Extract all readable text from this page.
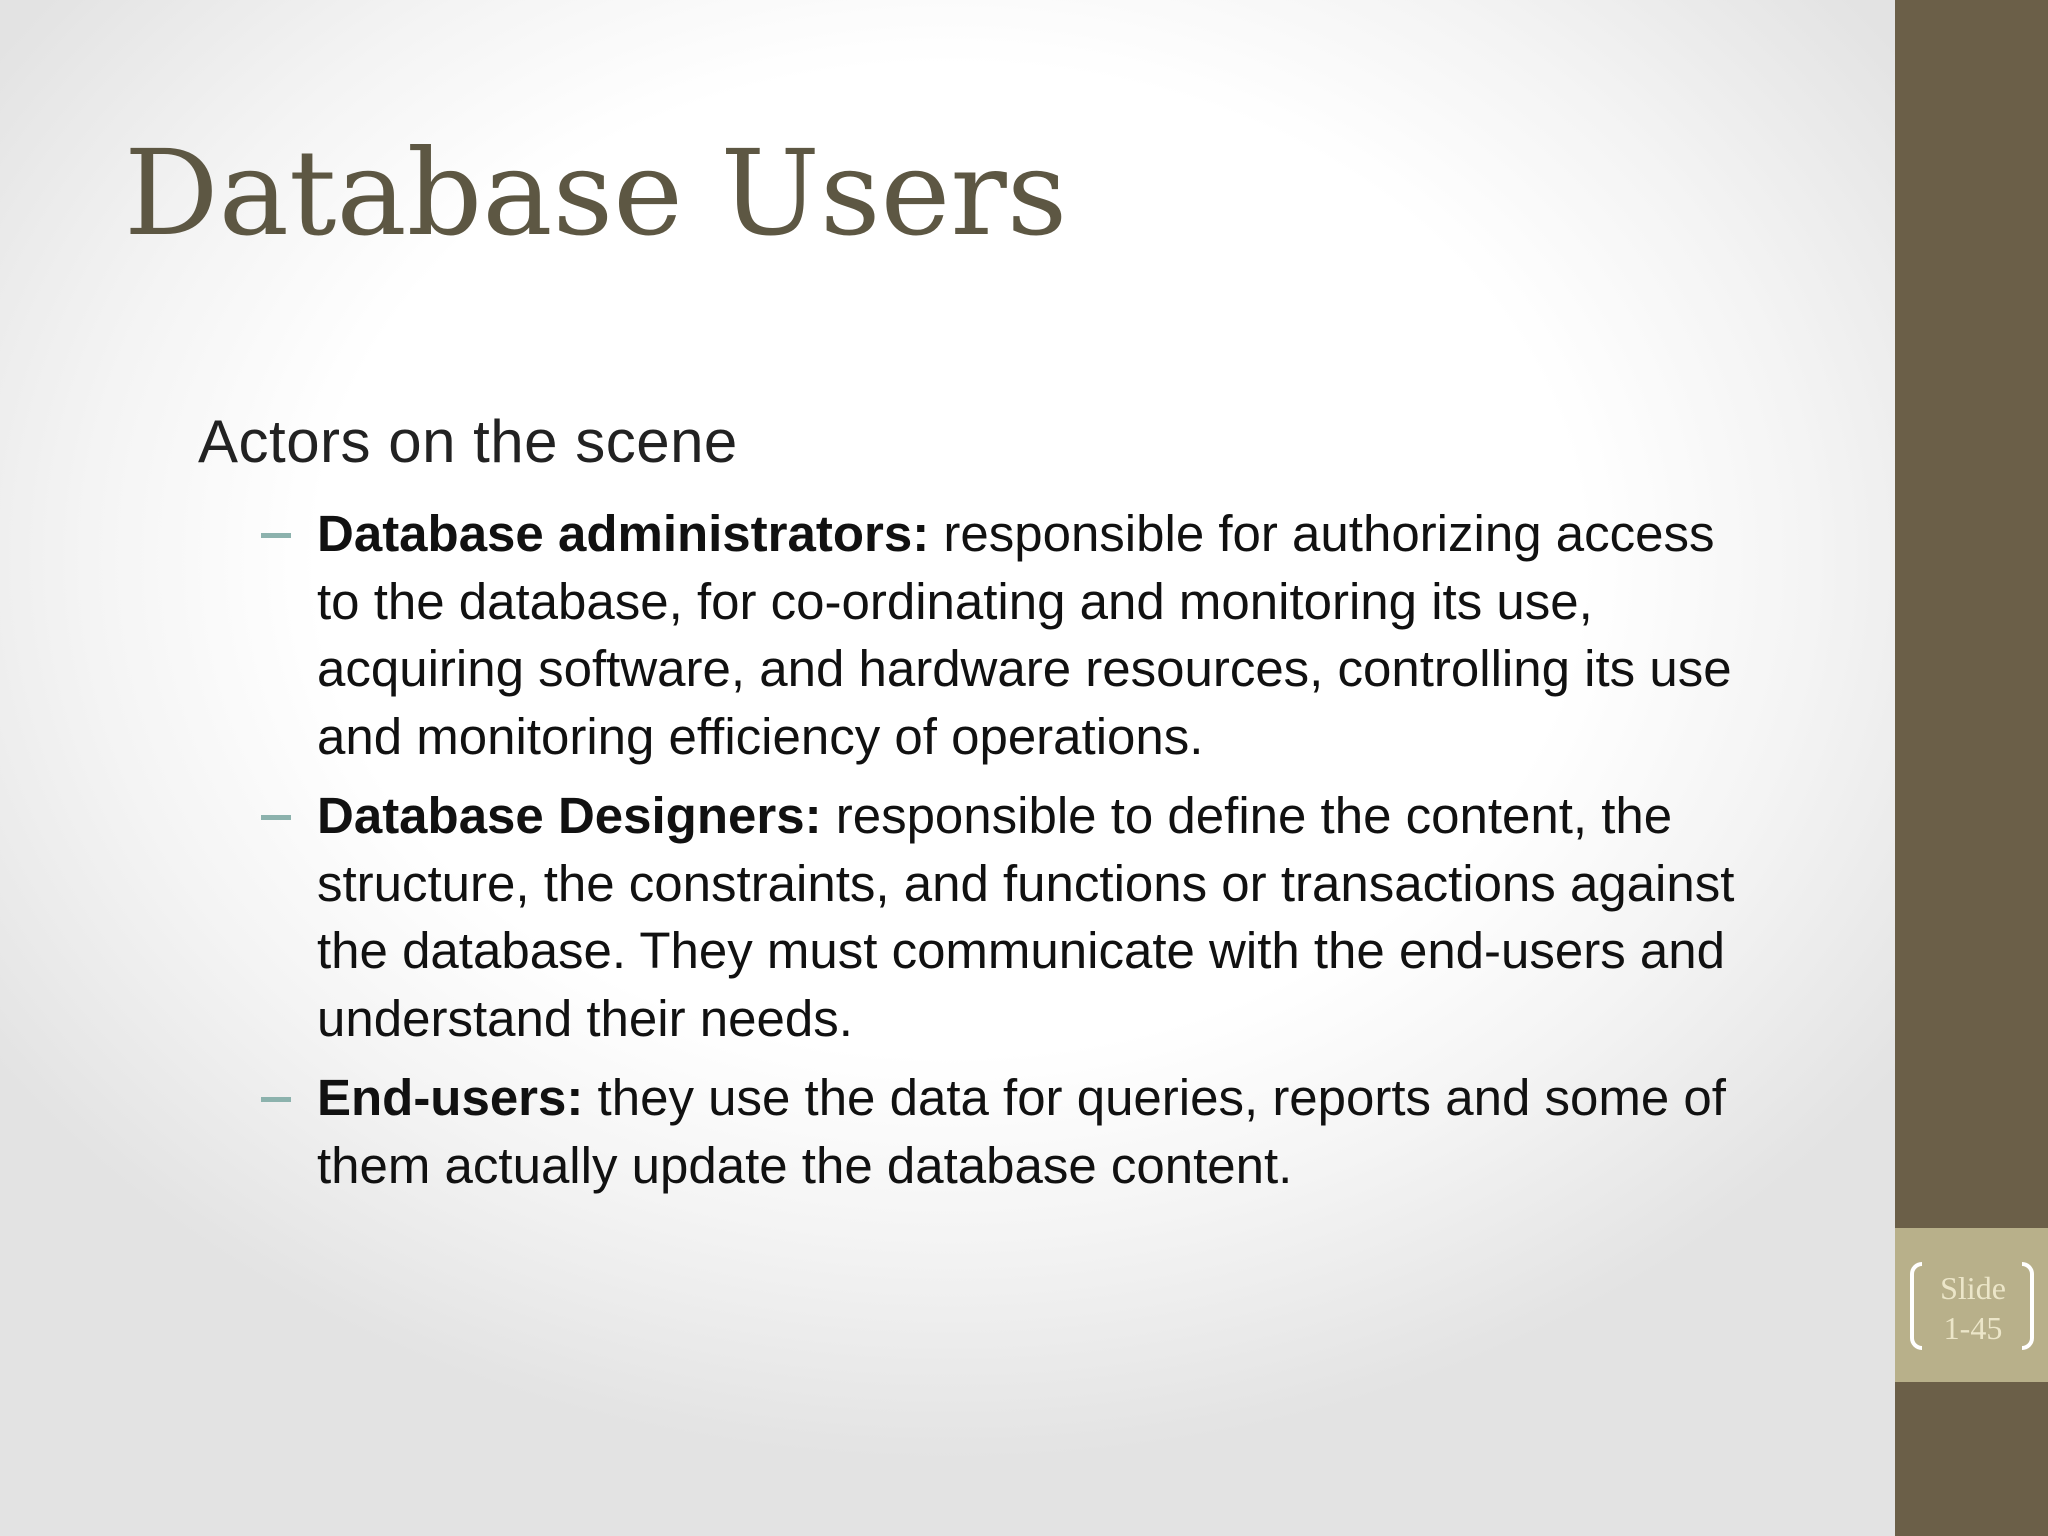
Database Users

Actors on the scene

Database administrators: responsible for authorizing access to the database, for co-ordinating and monitoring its use, acquiring software, and hardware resources, controlling its use and monitoring efficiency of operations.
Database Designers: responsible to define the content, the structure, the constraints, and functions or transactions against the database. They must communicate with the end-users and understand their needs.
End-users: they use the data for queries, reports and some of them actually update the database content.
Slide
1-45
